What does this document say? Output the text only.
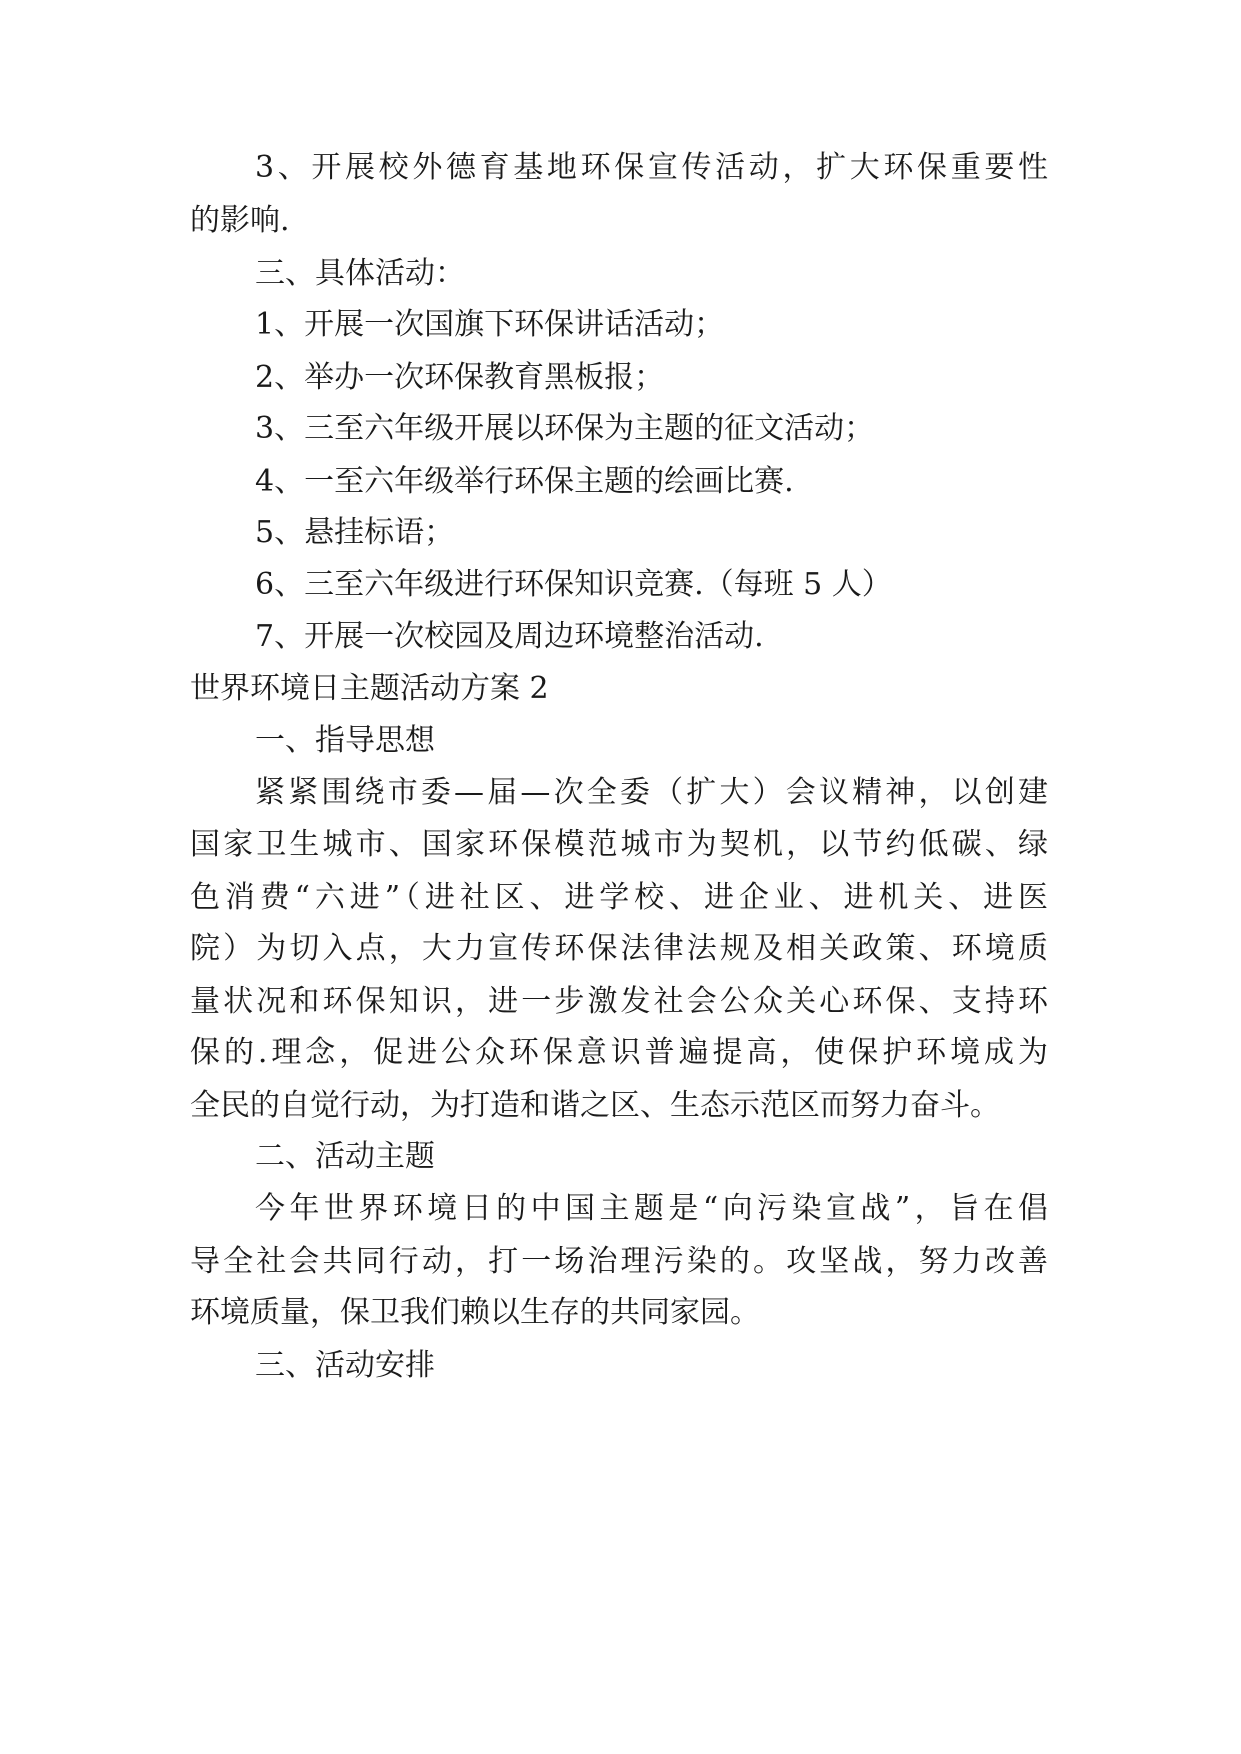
3、开展校外德育基地环保宣传活动，扩大环保重要性
的影响.
三、具体活动：
1、开展一次国旗下环保讲话活动；
2、举办一次环保教育黑板报；
3、三至六年级开展以环保为主题的征文活动；
4、一至六年级举行环保主题的绘画比赛.
5、悬挂标语；
6、三至六年级进行环保知识竞赛.（每班 5 人）
7、开展一次校园及周边环境整治活动.
世界环境日主题活动方案 2
一、指导思想
紧紧围绕市委—届—次全委（扩大）会议精神，以创建
国家卫生城市、国家环保模范城市为契机，以节约低碳、绿
色消费“六进”（进社区、进学校、进企业、进机关、进医
院）为切入点，大力宣传环保法律法规及相关政策、环境质
量状况和环保知识，进一步激发社会公众关心环保、支持环
保的.理念，促进公众环保意识普遍提高，使保护环境成为
全民的自觉行动，为打造和谐之区、生态示范区而努力奋斗。
二、活动主题
今年世界环境日的中国主题是“向污染宣战”，旨在倡
导全社会共同行动，打一场治理污染的。攻坚战，努力改善
环境质量，保卫我们赖以生存的共同家园。
三、活动安排
